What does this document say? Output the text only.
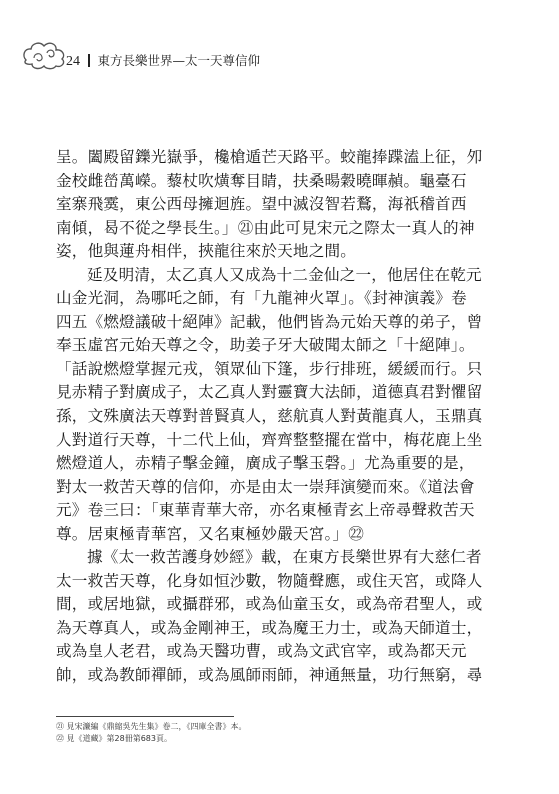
24 東方長樂世界—太一天尊信仰
呈。闔殿留鑠光嶽爭，欃槍遁芒天路平。蛟龍捧蹀溘上征，夘
金校雌嵤萬嶸。藜杖吹熿奪目睛，扶桑暘穀曉暉赬。龜臺石
室寨飛霙，東公西母擁迴旌。望中滅沒智若鶩，海祇稽首西
南傾，曷不從之學長生。」㉑由此可見宋元之際太一真人的神
姿，他與蓮舟相伴，挾龍往來於天地之間。
延及明清，太乙真人又成為十二金仙之一，他居住在乾元
山金光洞，為哪吒之師，有「九龍神火罩」。《封神演義》卷
四五《燃燈議破十絕陣》記載，他們皆為元始天尊的弟子，曾
奉玉虛宮元始天尊之令，助姜子牙大破聞太師之「十絕陣」。
「話說燃燈掌握元戎，領眾仙下篷，步行排班，緩緩而行。只
見赤精子對廣成子，太乙真人對靈寶大法師，道德真君對懼留
孫，文殊廣法天尊對普賢真人，慈航真人對黃龍真人，玉鼎真
人對道行天尊，十二代上仙，齊齊整整擺在當中，梅花鹿上坐
燃燈道人，赤精子擊金鐘，廣成子擊玉磬。」尤為重要的是，
對太一救苦天尊的信仰，亦是由太一崇拜演變而來。《道法會
元》卷三曰：「東華青華大帝，亦名東極青玄上帝尋聲救苦天
尊。居東極青華宮，又名東極妙嚴天宮。」㉒
據《太一救苦護身妙經》載，在東方長樂世界有大慈仁者
太一救苦天尊，化身如恒沙數，物隨聲應，或住天宮，或降人
間，或居地獄，或攝群邪，或為仙童玉女，或為帝君聖人，或
為天尊真人，或為金剛神王，或為魔王力士，或為天師道士，
或為皇人老君，或為天醫功曹，或為文武官宰，或為都天元
帥，或為教師禪師，或為風師雨師，神通無量，功行無窮，尋
㉑ 見宋濂編《鼎縮吳先生集》卷二，《四庫全書》本。
㉒ 見《道藏》第28冊第683頁。
